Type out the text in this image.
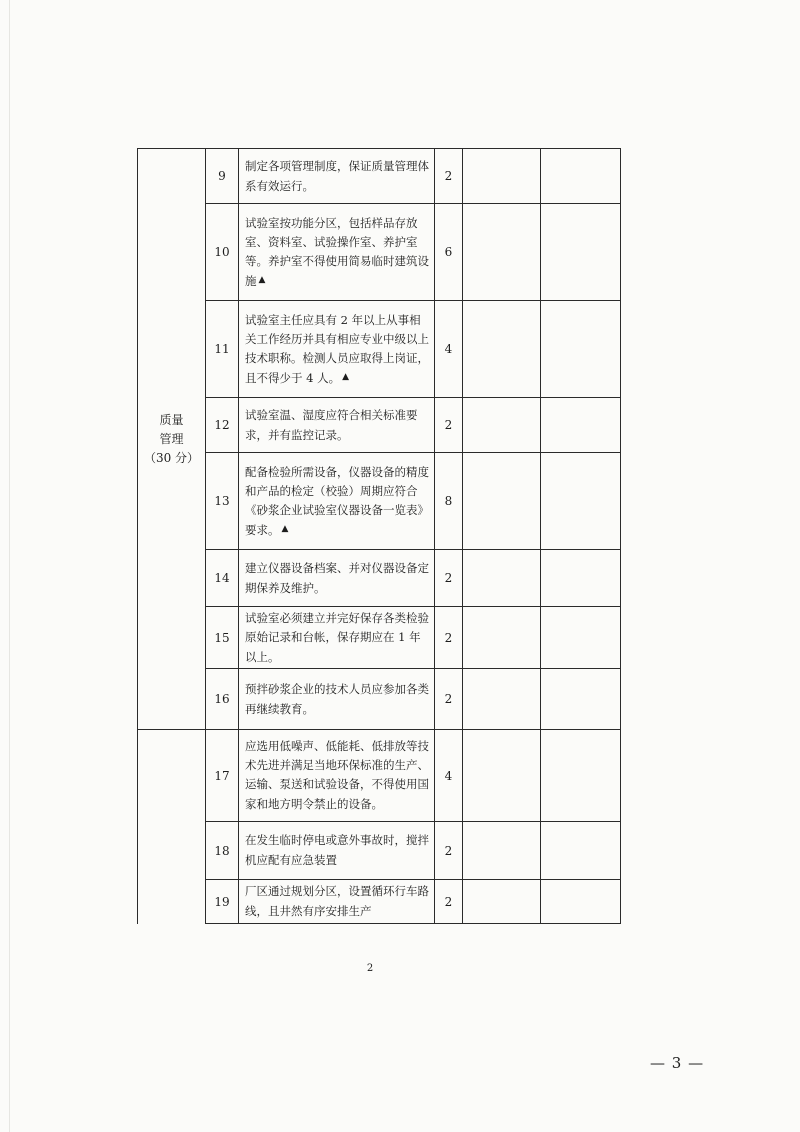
质量
管理
（30 分）	9	制定各项管理制度，保证质量管理体系有效运行。	2		
	10	试验室按功能分区，包括样品存放室、资料室、试验操作室、养护室等。养护室不得使用简易临时建筑设施 ▲	6		
	11	试验室主任应具有 2 年以上从事相关工作经历并具有相应专业中级以上技术职称。检测人员应取得上岗证，且不得少于 4 人。 ▲	4		
	12	试验室温、湿度应符合相关标准要求，并有监控记录。	2		
	13	配备检验所需设备，仪器设备的精度和产品的检定（校验）周期应符合《砂浆企业试验室仪器设备一览表》要求。 ▲	8		
	14	建立仪器设备档案、并对仪器设备定期保养及维护。	2		
	15	试验室必须建立并完好保存各类检验原始记录和台帐，保存期应在 1 年以上。	2		
	16	预拌砂浆企业的技术人员应参加各类再继续教育。	2		

	17	应选用低噪声、低能耗、低排放等技术先进并满足当地环保标准的生产、运输、泵送和试验设备，不得使用国家和地方明令禁止的设备。	4		
	18	在发生临时停电或意外事故时，搅拌机应配有应急装置	2		
	19	厂区通过规划分区，设置循环行车路线，且井然有序安排生产	2		
2
— 3 —
